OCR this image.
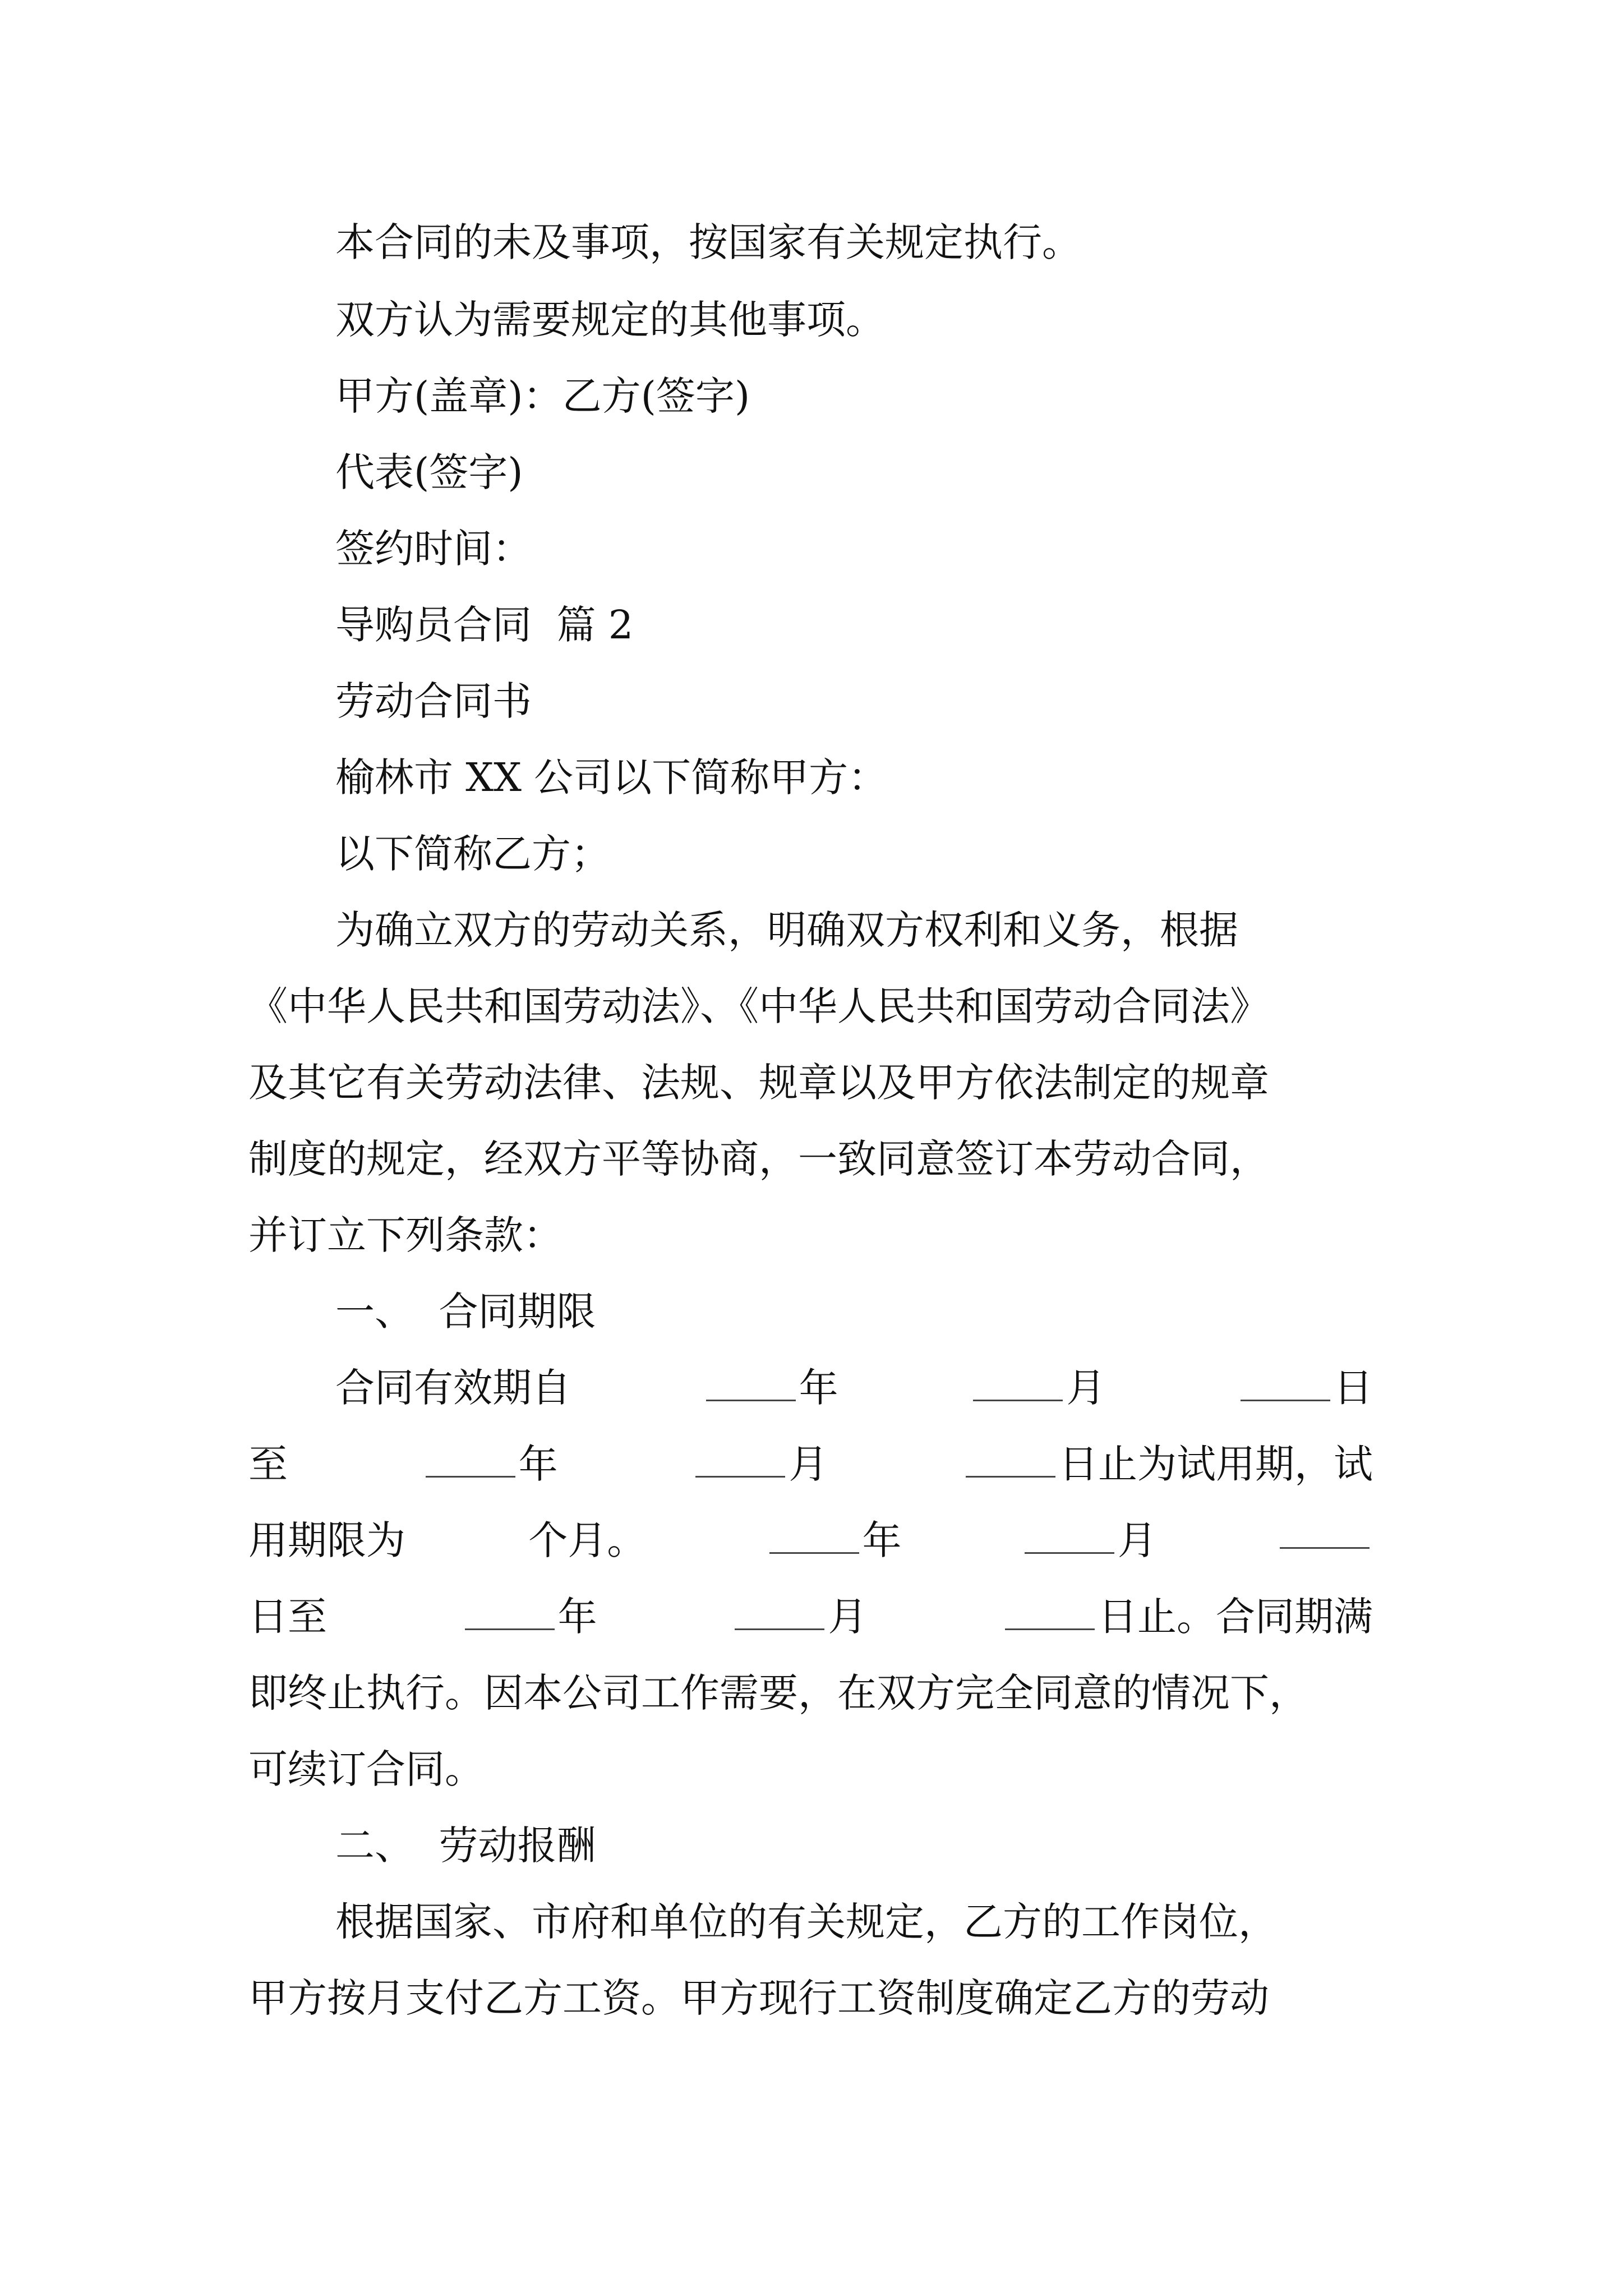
本合同的未及事项，按国家有关规定执行。

双方认为需要规定的其他事项。

甲方(盖章)：乙方(签字)

代表(签字)

签约时间：

导购员合同  篇 2

劳动合同书

榆林市 XX 公司以下简称甲方：

以下简称乙方；

为确立双方的劳动关系，明确双方权利和义务，根据

《中华人民共和国劳动法》、《中华人民共和国劳动合同法》

及其它有关劳动法律、法规、规章以及甲方依法制定的规章

制度的规定，经双方平等协商，一致同意签订本劳动合同，

并订立下列条款：

一、  合同期限

合同有效期自	年	月	日
至	年	月	日止为试用期，试
用期限为	个月。	年	月
日至	年	月	日止。合同期满

即终止执行。因本公司工作需要，在双方完全同意的情况下，

可续订合同。

二、  劳动报酬

根据国家、市府和单位的有关规定，乙方的工作岗位，

甲方按月支付乙方工资。甲方现行工资制度确定乙方的劳动
